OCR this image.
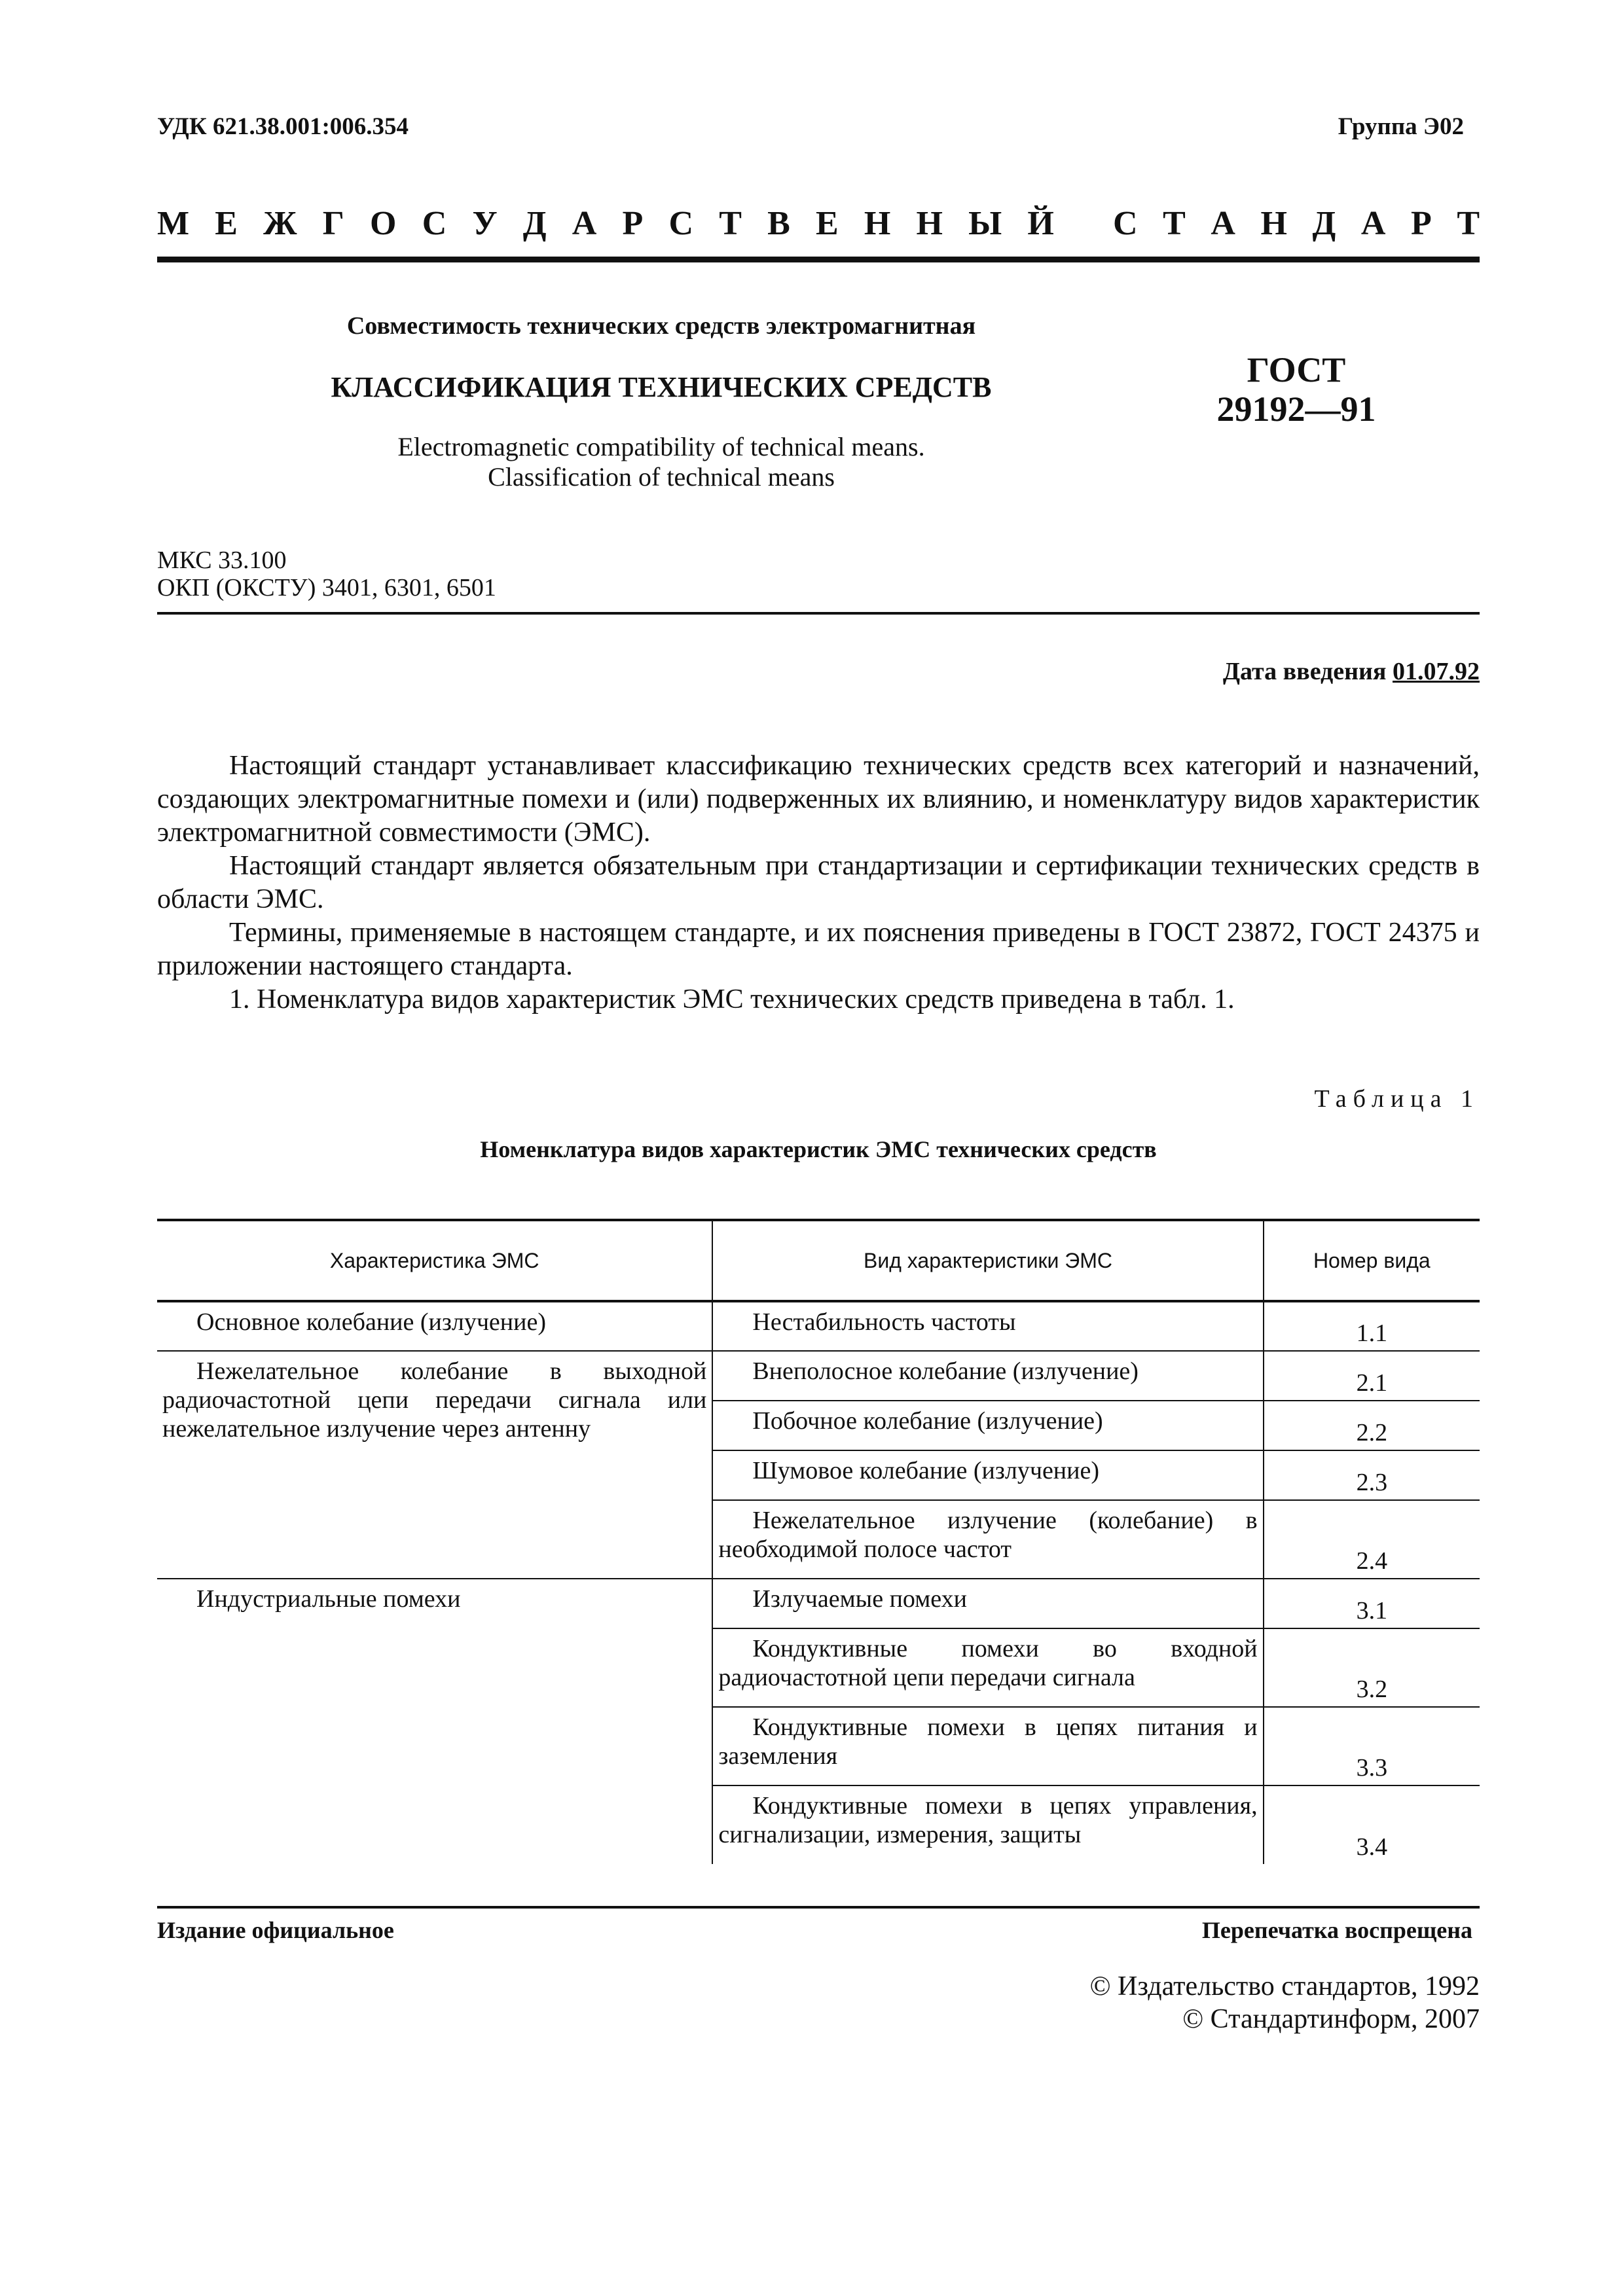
УДК 621.38.001:006.354	Группа Э02
М Е Ж Г О С У Д А Р С Т В Е Н Н Ы Й С Т А Н Д А Р Т
Совместимость технических средств электромагнитная
КЛАССИФИКАЦИЯ ТЕХНИЧЕСКИХ СРЕДСТВ
Electromagnetic compatibility of technical means.
Classification of technical means
ГОСТ
29192—91
МКС 33.100
ОКП (ОКСТУ) 3401, 6301, 6501
Дата введения 01.07.92

Настоящий стандарт устанавливает классификацию технических средств всех категорий и назначений, создающих электромагнитные помехи и (или) подверженных их влиянию, и номенклатуру видов характеристик электромагнитной совместимости (ЭМС).

Настоящий стандарт является обязательным при стандартизации и сертификации технических средств в области ЭМС.

Термины, применяемые в настоящем стандарте, и их пояснения приведены в ГОСТ 23872, ГОСТ 24375 и приложении настоящего стандарта.

1. Номенклатура видов характеристик ЭМС технических средств приведена в табл. 1.

Таблица 1
Номенклатура видов характеристик ЭМС технических средств
Характеристика ЭМС	Вид характеристики ЭМС	Номер вида
Основное колебание (излучение)	Нестабильность частоты	1.1
Нежелательное колебание в выходной радиочастотной цепи передачи сигнала или нежелательное излучение через антенну	Внеполосное колебание (излучение)	2.1
	Побочное колебание (излучение)	2.2
	Шумовое колебание (излучение)	2.3
	Нежелательное излучение (колебание) в необходимой полосе частот	2.4
Индустриальные помехи	Излучаемые помехи	3.1
	Кондуктивные помехи во входной радиочастотной цепи передачи сигнала	3.2
	Кондуктивные помехи в цепях питания и заземления	3.3
	Кондуктивные помехи в цепях управления, сигнализации, измерения, защиты	3.4
Издание официальное	Перепечатка воспрещена
© Издательство стандартов, 1992
© Стандартинформ, 2007
